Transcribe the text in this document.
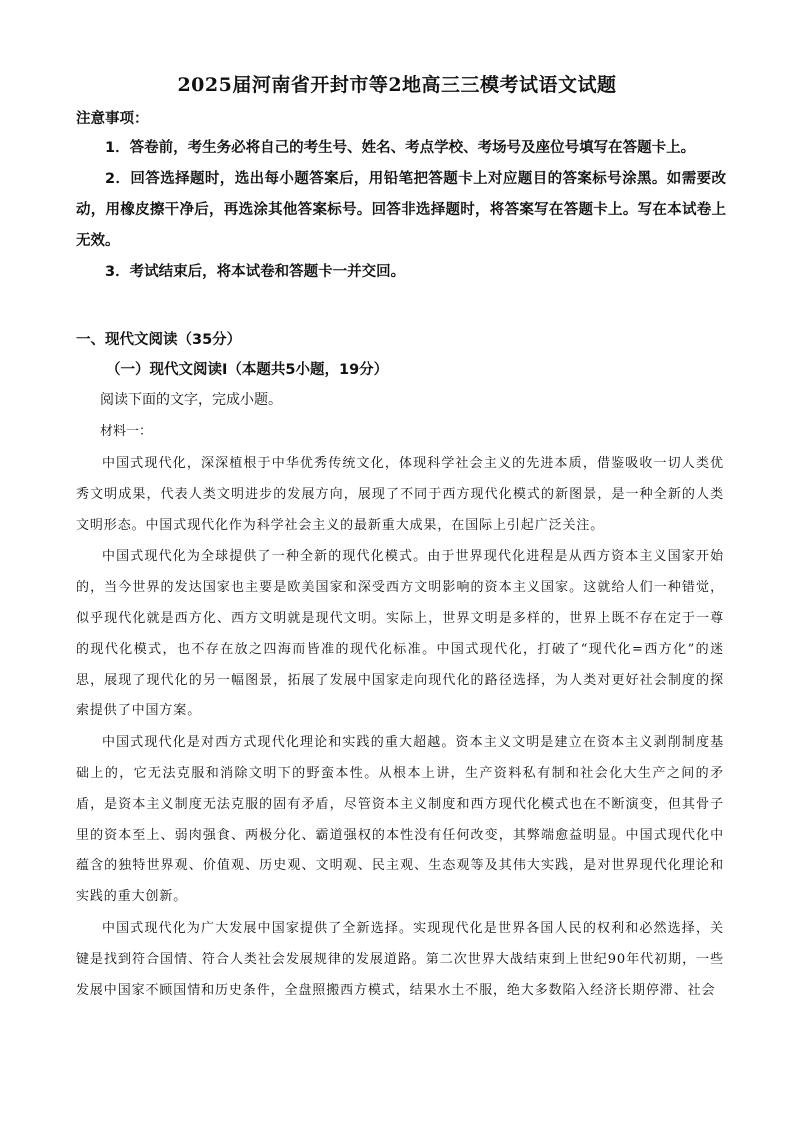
2025届河南省开封市等2地高三三模考试语文试题
注意事项：

1．答卷前，考生务必将自己的考生号、姓名、考点学校、考场号及座位号填写在答题卡上。

2．回答选择题时，选出每小题答案后，用铅笔把答题卡上对应题目的答案标号涂黑。如需要改动，用橡皮擦干净后，再选涂其他答案标号。回答非选择题时，将答案写在答题卡上。写在本试卷上无效。

3．考试结束后，将本试卷和答题卡一并交回。

一、现代文阅读（35分）
（一）现代文阅读Ⅰ（本题共5小题，19分）
阅读下面的文字，完成小题。
材料一：

中国式现代化，深深植根于中华优秀传统文化，体现科学社会主义的先进本质，借鉴吸收一切人类优秀文明成果，代表人类文明进步的发展方向，展现了不同于西方现代化模式的新图景，是一种全新的人类文明形态。中国式现代化作为科学社会主义的最新重大成果，在国际上引起广泛关注。

中国式现代化为全球提供了一种全新的现代化模式。由于世界现代化进程是从西方资本主义国家开始的，当今世界的发达国家也主要是欧美国家和深受西方文明影响的资本主义国家。这就给人们一种错觉，似乎现代化就是西方化、西方文明就是现代文明。实际上，世界文明是多样的，世界上既不存在定于一尊的现代化模式，也不存在放之四海而皆准的现代化标准。中国式现代化，打破了“现代化=西方化”的迷思，展现了现代化的另一幅图景，拓展了发展中国家走向现代化的路径选择，为人类对更好社会制度的探索提供了中国方案。

中国式现代化是对西方式现代化理论和实践的重大超越。资本主义文明是建立在资本主义剥削制度基础上的，它无法克服和消除文明下的野蛮本性。从根本上讲，生产资料私有制和社会化大生产之间的矛盾，是资本主义制度无法克服的固有矛盾，尽管资本主义制度和西方现代化模式也在不断演变，但其骨子里的资本至上、弱肉强食、两极分化、霸道强权的本性没有任何改变，其弊端愈益明显。中国式现代化中蕴含的独特世界观、价值观、历史观、文明观、民主观、生态观等及其伟大实践，是对世界现代化理论和实践的重大创新。

中国式现代化为广大发展中国家提供了全新选择。实现现代化是世界各国人民的权利和必然选择，关键是找到符合国情、符合人类社会发展规律的发展道路。第二次世界大战结束到上世纪90年代初期，一些发展中国家不顾国情和历史条件，全盘照搬西方模式，结果水土不服，绝大多数陷入经济长期停滞、社会
